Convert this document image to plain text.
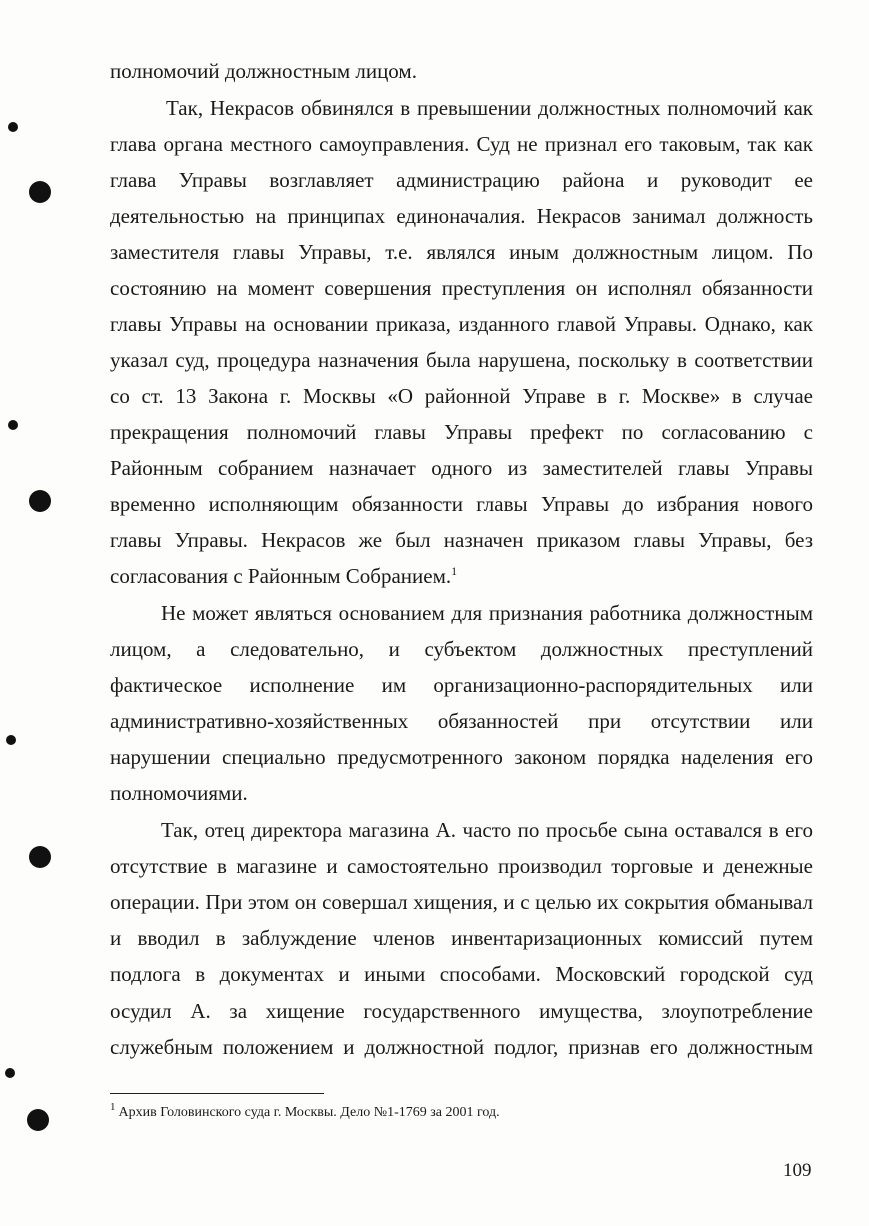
полномочий должностным лицом.
Так, Некрасов обвинялся в превышении должностных полномочий как
глава органа местного самоуправления. Суд не признал его таковым, так как
глава Управы возглавляет администрацию района и руководит ее
деятельностью на принципах единоначалия. Некрасов занимал должность
заместителя главы Управы, т.е. являлся иным должностным лицом. По
состоянию на момент совершения преступления он исполнял обязанности
главы Управы на основании приказа, изданного главой Управы. Однако, как
указал суд, процедура назначения была нарушена, поскольку в соответствии
со ст. 13 Закона г. Москвы «О районной Управе в г. Москве» в случае
прекращения полномочий главы Управы префект по согласованию с
Районным собранием назначает одного из заместителей главы Управы
временно исполняющим обязанности главы Управы до избрания нового
главы Управы. Некрасов же был назначен приказом главы Управы, без
согласования с Районным Собранием.$^1$
Не может являться основанием для признания работника должностным
лицом, а следовательно, и субъектом должностных преступлений
фактическое исполнение им организационно-распорядительных или
административно-хозяйственных обязанностей при отсутствии или
нарушении специально предусмотренного законом порядка наделения его
полномочиями.
Так, отец директора магазина А. часто по просьбе сына оставался в его
отсутствие в магазине и самостоятельно производил торговые и денежные
операции. При этом он совершал хищения, и с целью их сокрытия обманывал
и вводил в заблуждение членов инвентаризационных комиссий путем
подлога в документах и иными способами. Московский городской суд
осудил А. за хищение государственного имущества, злоупотребление
служебным положением и должностной подлог, признав его должностным
$^1$ Архив Головинского суда г. Москвы. Дело №1-1769 за 2001 год.
109
